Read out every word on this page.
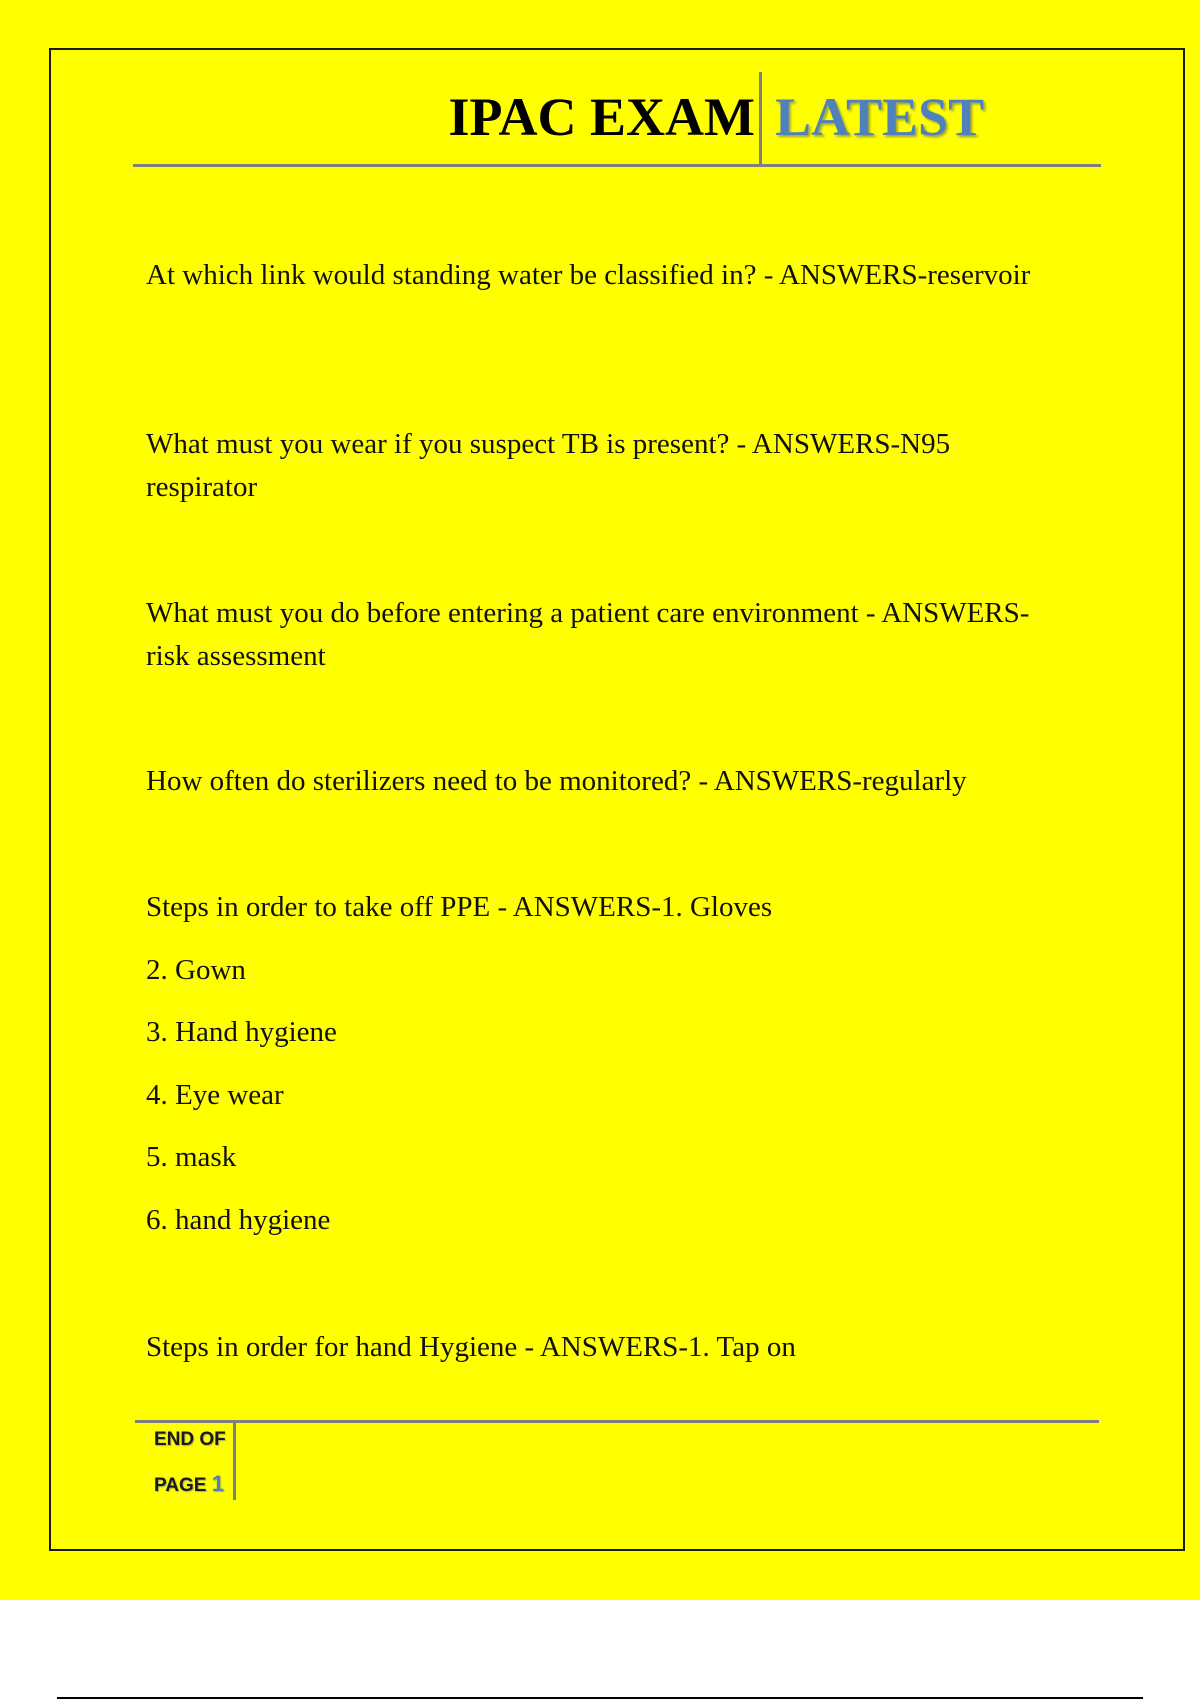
IPAC EXAM LATEST

At which link would standing water be classified in? - ANSWERS-reservoir

What must you wear if you suspect TB is present? - ANSWERS-N95 respirator

What must you do before entering a patient care environment - ANSWERS-risk assessment

How often do sterilizers need to be monitored? - ANSWERS-regularly

Steps in order to take off PPE - ANSWERS-1. Gloves

2. Gown

3. Hand hygiene

4. Eye wear

5. mask

6. hand hygiene

Steps in order for hand Hygiene - ANSWERS-1. Tap on

END OF
PAGE 1
